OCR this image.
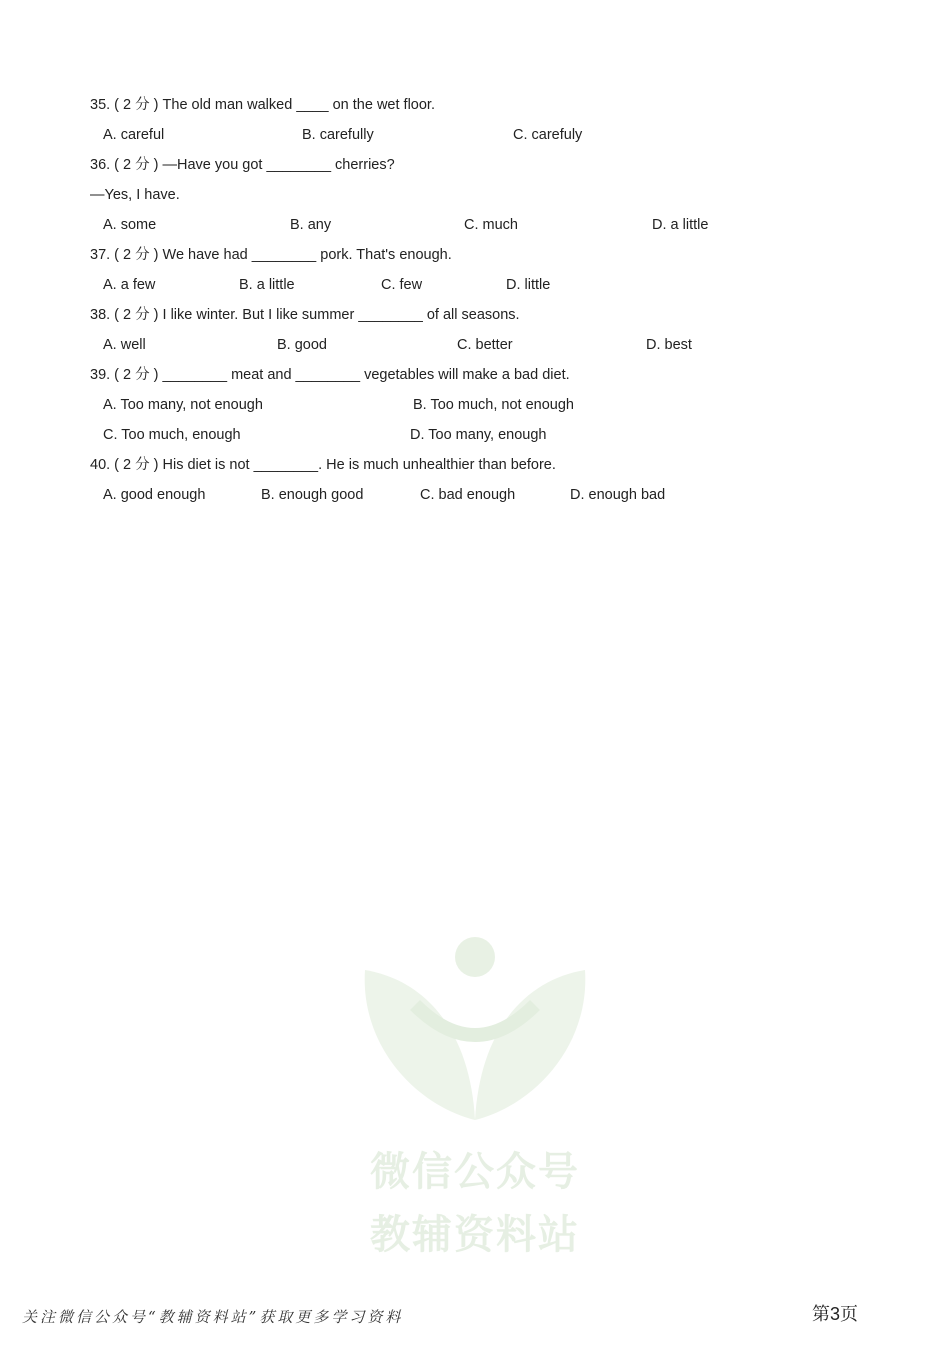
35. ( 2 分 ) The old man walked ____ on the wet floor.
A. careful	B. carefully	C. carefuly
36. ( 2 分 ) —Have you got ________ cherries?
—Yes, I have.
A. some	B. any	C. much	D. a little
37. ( 2 分 ) We have had ________ pork. That's enough.
A. a few	B. a little	C. few	D. little
38. ( 2 分 ) I like winter. But I like summer ________ of all seasons.
A. well	B. good	C. better	D. best
39. ( 2 分 ) ________ meat and ________ vegetables will make a bad diet.
A. Too many, not enough	B. Too much, not enough
C. Too much, enough	D. Too many, enough
40. ( 2 分 ) His diet is not ________. He is much unhealthier than before.
A. good enough	B. enough good	C. bad enough	D. enough bad
微信公众号
教辅资料站
关注微信公众号“教辅资料站”获取更多学习资料	第3页
